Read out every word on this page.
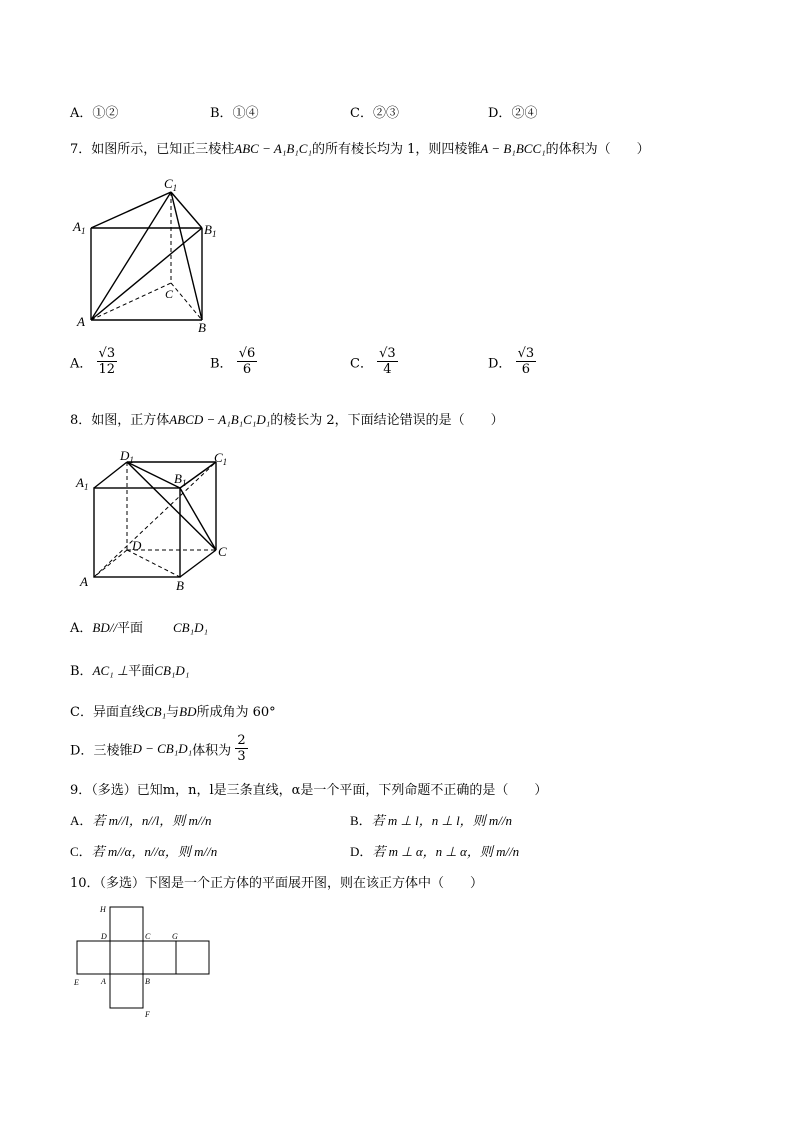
A．①②	B．①④	C．②③	D．②④
7．如图所示，已知正三棱柱ABC − A₁B₁C₁的所有棱长均为 1，则四棱锥A − B₁BCC₁的体积为（　　）
$C_1$
$A_1$	$B_1$
C
A	B
A． $\frac{√3}{12}$	B． $\frac{√6}{6}$	C． $\frac{√3}{4}$	D． $\frac{√3}{6}$
8．如图，正方体ABCD − A₁B₁C₁D₁的棱长为 2，下面结论错误的是（　　）
$D_1$	$C_1$
$A_1$
$B_1$
D	C
A	B
A．BD//平面 CB₁D₁
B．AC₁ ⊥平面CB₁D₁
C．异面直线CB₁与BD所成角为 60°
D．三棱锥D − CB₁D₁体积为 $\frac{2}{3}$
9．（多选）已知m，n，l是三条直线，α是一个平面，下列命题不正确的是（　　）
A．若 m//l，n//l，则 m//n	B．若 m ⊥ l，n ⊥ l，则 m//n
C．若 m//α，n//α，则 m//n	D．若 m ⊥ α，n ⊥ α，则 m//n
10．（多选）下图是一个正方体的平面展开图，则在该正方体中（　　）
H
D	C	G
E	A	B
F
